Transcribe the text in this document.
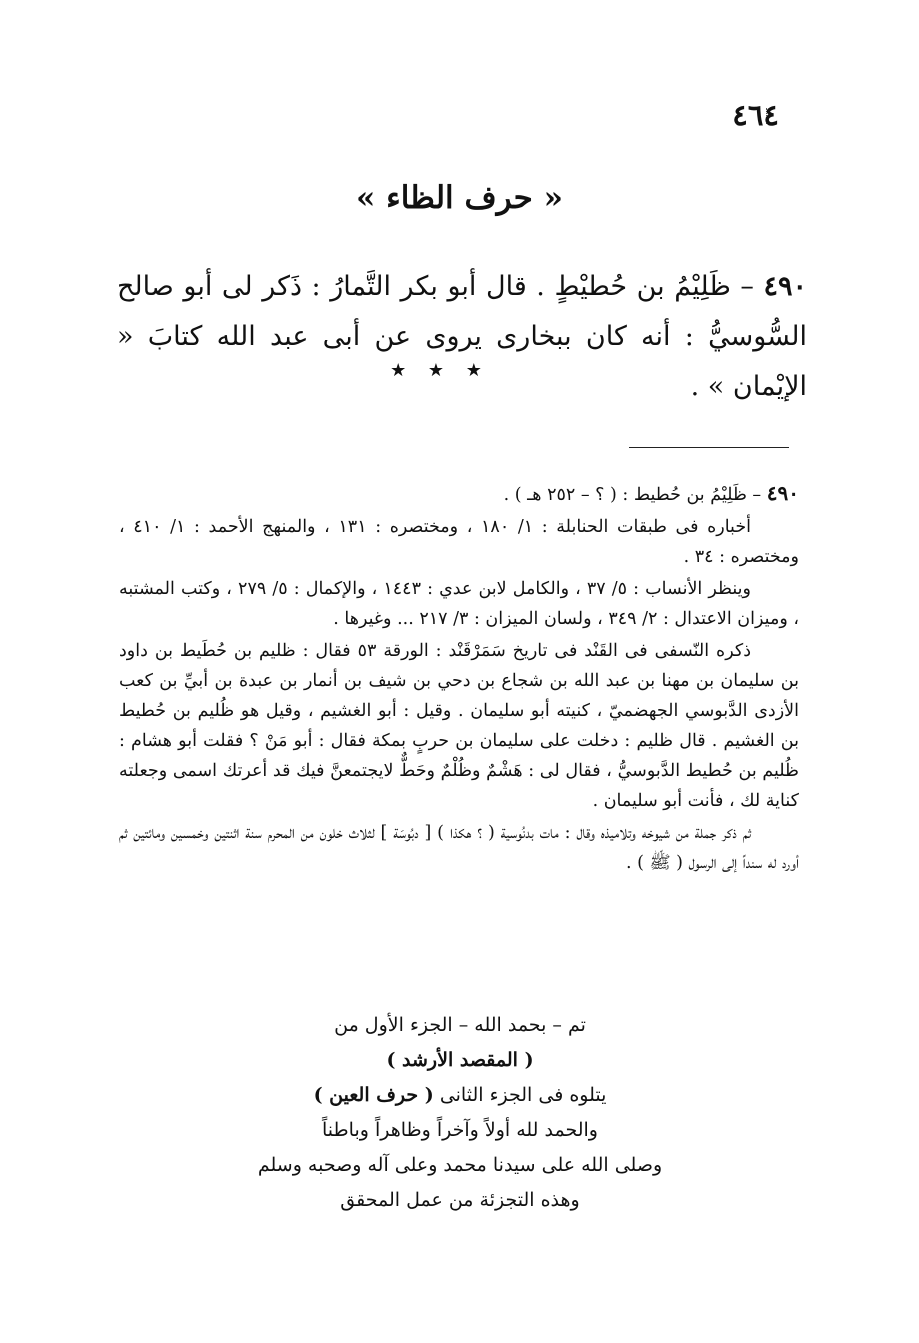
٤٦٤
« حرف الظاء »
٤٩٠ – ظَلِيْمُ بن حُطيْطٍ . قال أبو بكر التَّمارُ : ذَكر لى أبو صالح السُّوسيُّ : أنه كان ببخارى يروى عن أبى عبد الله كتابَ « الإيْمان » .
★ ★ ★

٤٩٠ – ظَلِيْمُ بن حُطيط : ( ؟ – ٢٥٢ هـ ) .

أخباره فى طبقات الحنابلة : ١/ ١٨٠ ، ومختصره : ١٣١ ، والمنهج الأحمد : ١/ ٤١٠ ، ومختصره : ٣٤ .

وينظر الأنساب : ٥/ ٣٧ ، والكامل لابن عدي : ١٤٤٣ ، والإكمال : ٥/ ٢٧٩ ، وكتب المشتبه ، وميزان الاعتدال : ٢/ ٣٤٩ ، ولسان الميزان : ٣/ ٢١٧ ... وغيرها .

ذكره النّسفى فى القَنْد فى تاريخ سَمَرْقَنْد : الورقة ٥٣ فقال : ظليم بن حُطَيط بن داود بن سليمان بن مهنا بن عبد الله بن شجاع بن دحي بن شيف بن أنمار بن عبدة بن أبيِّ بن كعب الأزدى الدَّبوسي الجهضميّ ، كنيته أبو سليمان . وقيل : أبو الغشيم ، وقيل هو ظُليم بن حُطيط بن الغشيم . قال ظليم : دخلت على سليمان بن حربٍ بمكة فقال : أبو مَنْ ؟ فقلت أبو هشام : ظُليم بن حُطيط الدَّبوسيُّ ، فقال لى : هَشْمٌ وظُلْمٌ وحَطٌّ لايجتمعنَّ فيك قد أعرتك اسمى وجعلته كناية لك ، فأنت أبو سليمان .

ثم ذكر جملة من شيوخه وتلاميذه وقال : مات بدنُوسية ( ؟ هكذا ) [ دبُوسَة ] لثلاث خلون من المحرم سنة اثنتين وخمسين ومائتين ثم أورد له سنداً إلى الرسول ( ﷺ ) .

تم – بحمد الله – الجزء الأول من
( المقصد الأرشد )
يتلوه فى الجزء الثانى ( حرف العين )
والحمد لله أولاً وآخراً وظاهراً وباطناً
وصلى الله على سيدنا محمد وعلى آله وصحبه وسلم
وهذه التجزئة من عمل المحقق
